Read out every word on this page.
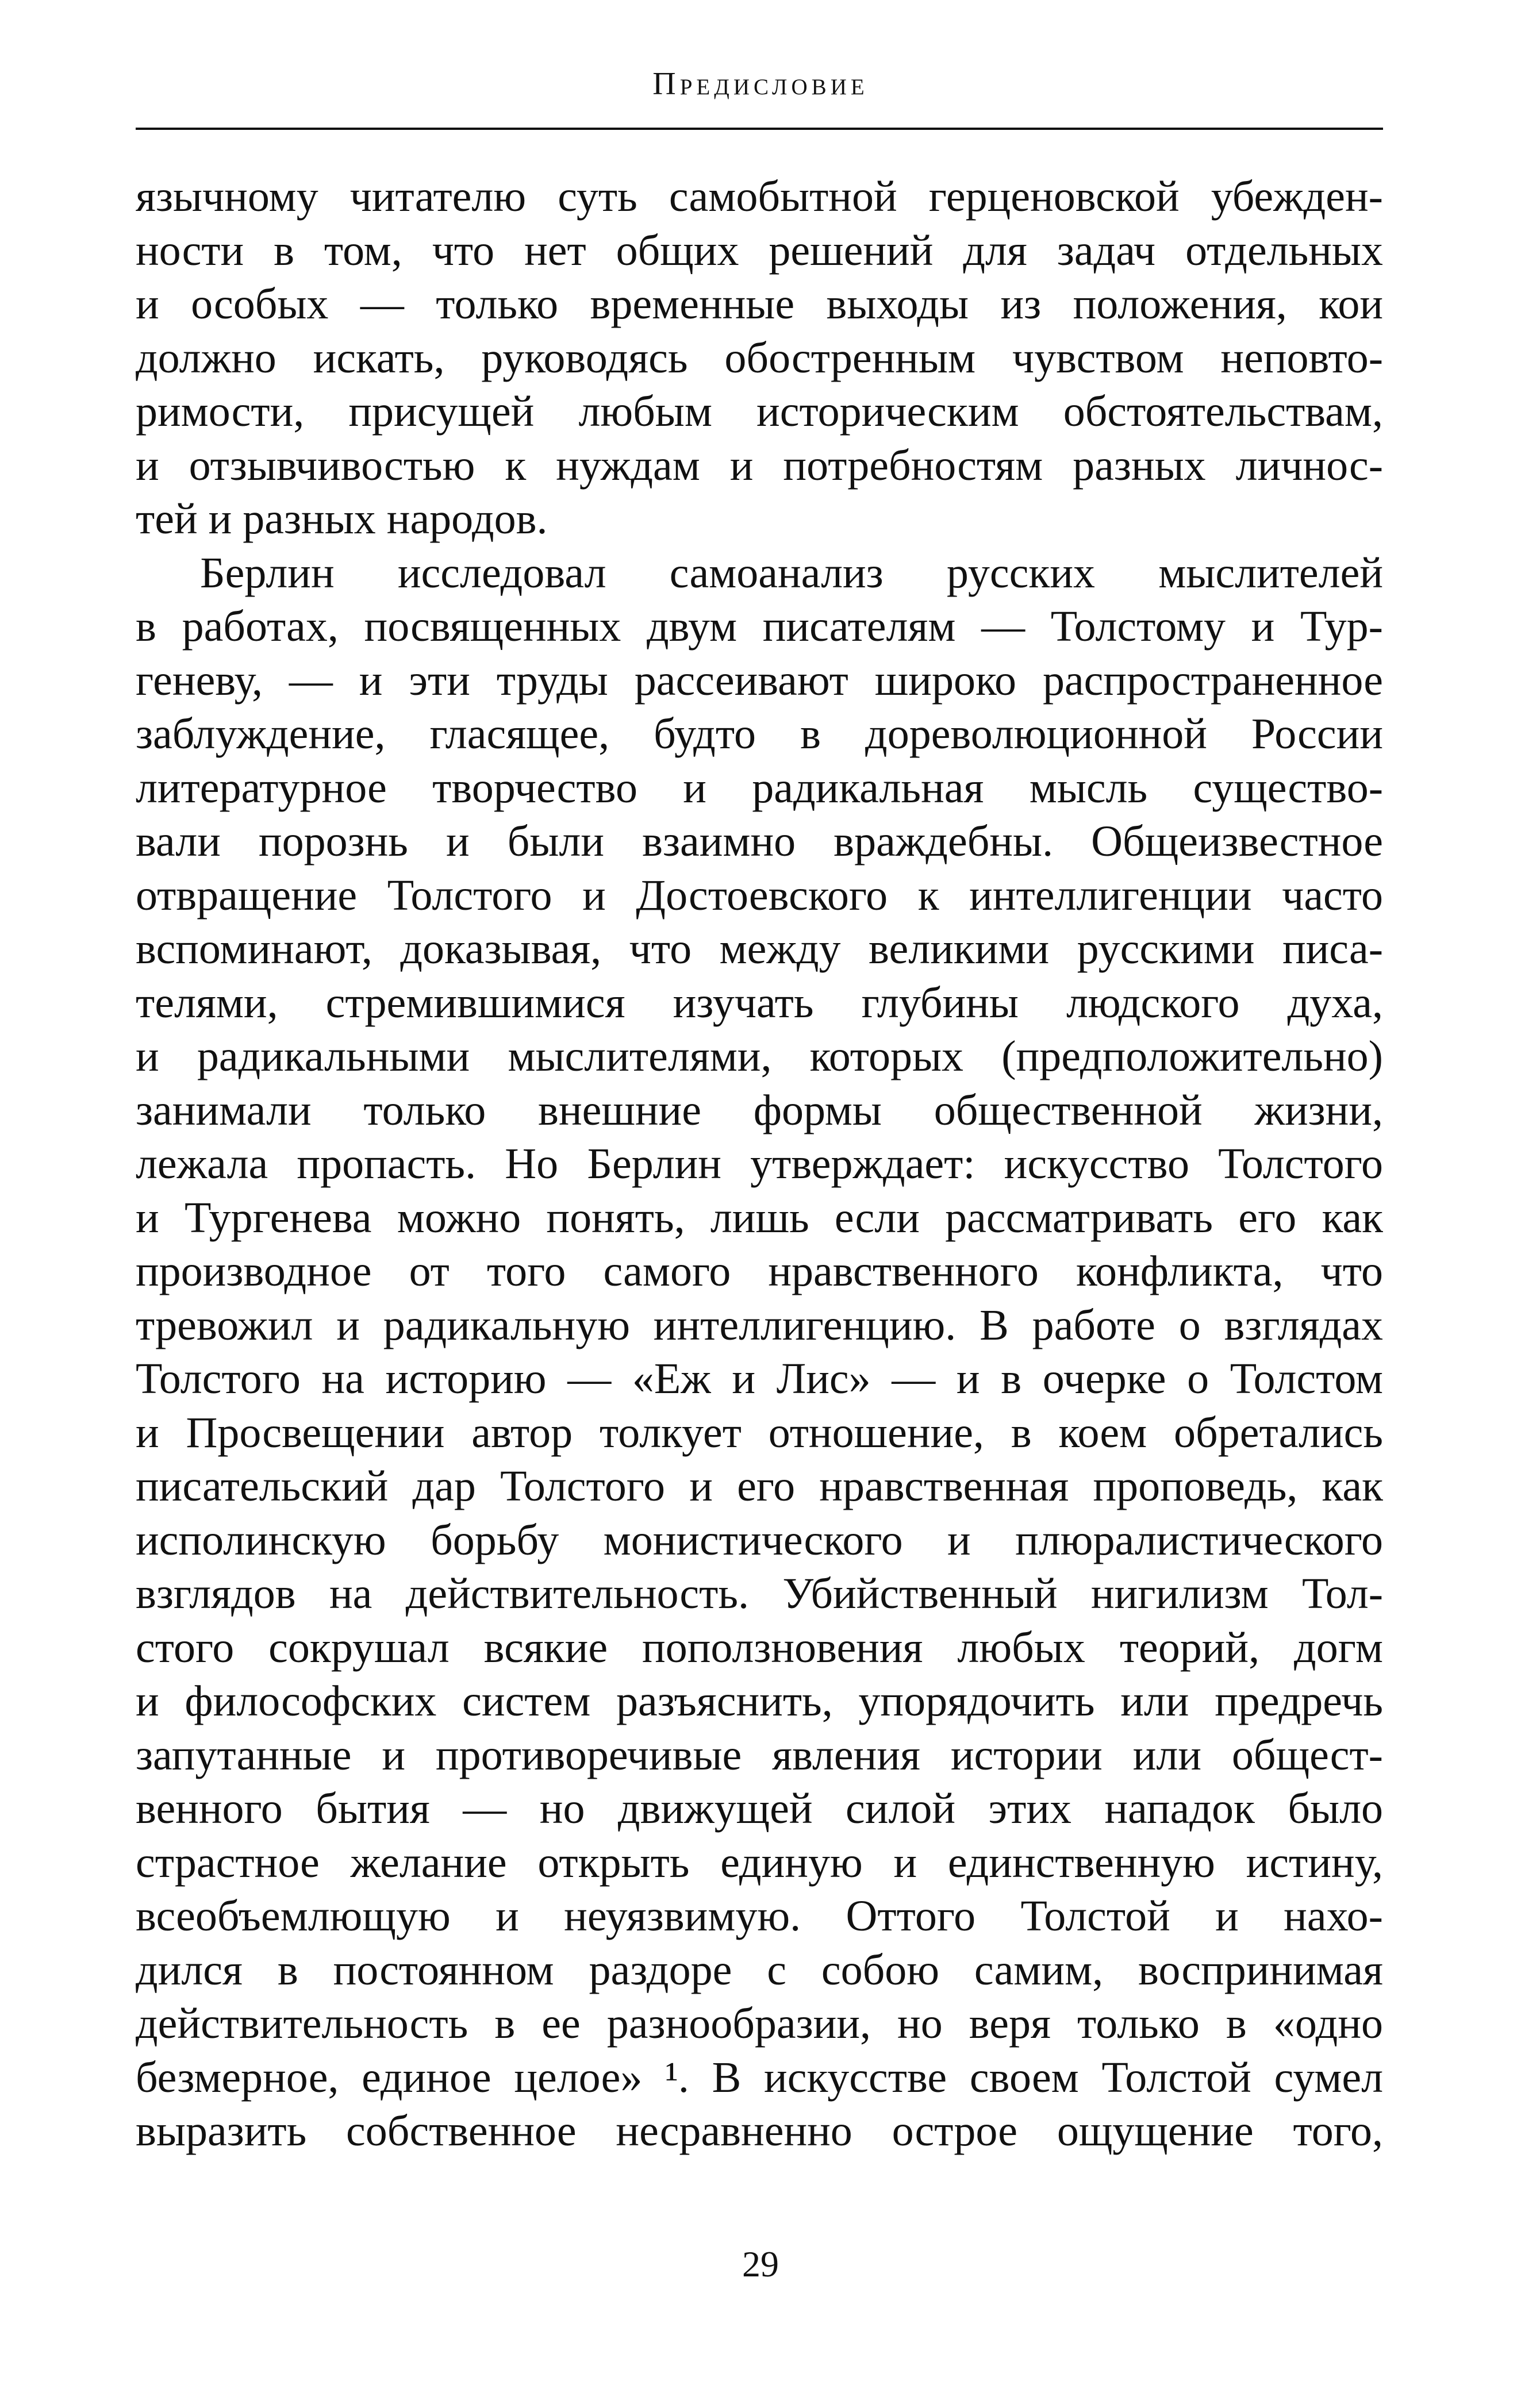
Предисловие
язычному читателю суть самобытной герценовской убежден-
ности в том, что нет общих решений для задач отдельных
и особых — только временные выходы из положения, кои
должно искать, руководясь обостренным чувством неповто-
римости, присущей любым историческим обстоятельствам,
и отзывчивостью к нуждам и потребностям разных личнос-
тей и разных народов.
Берлин исследовал самоанализ русских мыслителей
в работах, посвященных двум писателям — Толстому и Тур-
геневу, — и эти труды рассеивают широко распространенное
заблуждение, гласящее, будто в дореволюционной России
литературное творчество и радикальная мысль существо-
вали порознь и были взаимно враждебны. Общеизвестное
отвращение Толстого и Достоевского к интеллигенции часто
вспоминают, доказывая, что между великими русскими писа-
телями, стремившимися изучать глубины людского духа,
и радикальными мыслителями, которых (предположительно)
занимали только внешние формы общественной жизни,
лежала пропасть. Но Берлин утверждает: искусство Толстого
и Тургенева можно понять, лишь если рассматривать его как
производное от того самого нравственного конфликта, что
тревожил и радикальную интеллигенцию. В работе о взглядах
Толстого на историю — «Еж и Лис» — и в очерке о Толстом
и Просвещении автор толкует отношение, в коем обретались
писательский дар Толстого и его нравственная проповедь, как
исполинскую борьбу монистического и плюралистического
взглядов на действительность. Убийственный нигилизм Тол-
стого сокрушал всякие поползновения любых теорий, догм
и философских систем разъяснить, упорядочить или предречь
запутанные и противоречивые явления истории или общест-
венного бытия — но движущей силой этих нападок было
страстное желание открыть единую и единственную истину,
всеобъемлющую и неуязвимую. Оттого Толстой и нахо-
дился в постоянном раздоре с собою самим, воспринимая
действительность в ее разнообразии, но веря только в «одно
безмерное, единое целое» ¹. В искусстве своем Толстой сумел
выразить собственное несравненно острое ощущение того,
29
